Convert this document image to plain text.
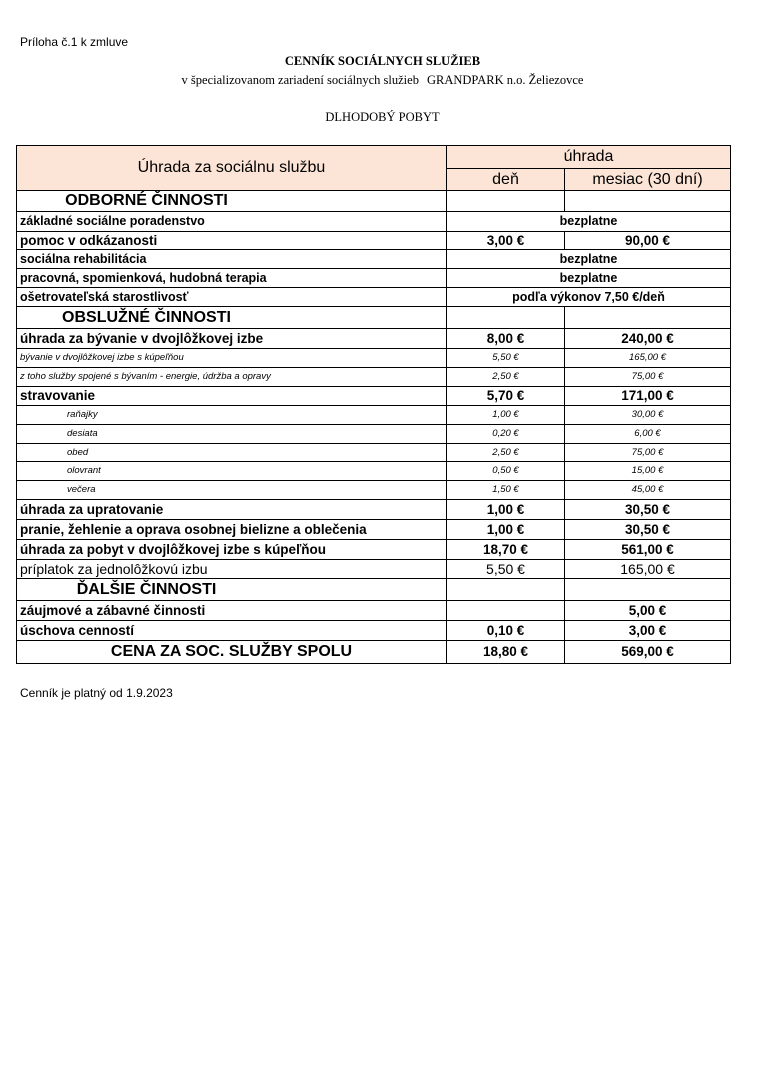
Príloha č.1 k zmluve
CENNÍK SOCIÁLNYCH SLUŽIEB
v špecializovanom zariadení sociálnych služieb GRANDPARK n.o. Želiezovce
DLHODOBÝ POBYT
Úhrada za sociálnu službu	úhrada	
	deň	mesiac (30 dní)
ODBORNÉ ČINNOSTI		
základné sociálne poradenstvo	bezplatne	
pomoc v odkázanosti	3,00 €	90,00 €
sociálna rehabilitácia	bezplatne	
pracovná, spomienková, hudobná terapia	bezplatne	
ošetrovateľská starostlivosť	podľa výkonov 7,50 €/deň	
OBSLUŽNÉ ČINNOSTI		
úhrada za bývanie v dvojlôžkovej izbe	8,00 €	240,00 €
bývanie v dvojlôžkovej izbe s kúpeľňou	5,50 €	165,00 €
z toho služby spojené s bývaním - energie, údržba a opravy	2,50 €	75,00 €
stravovanie	5,70 €	171,00 €
raňajky	1,00 €	30,00 €
desiata	0,20 €	6,00 €
obed	2,50 €	75,00 €
olovrant	0,50 €	15,00 €
večera	1,50 €	45,00 €
úhrada za upratovanie	1,00 €	30,50 €
pranie, žehlenie a oprava osobnej bielizne a oblečenia	1,00 €	30,50 €
úhrada za pobyt v dvojlôžkovej izbe s kúpeľňou	18,70 €	561,00 €
príplatok za jednolôžkovú izbu	5,50 €	165,00 €
ĎALŠIE ČINNOSTI		
záujmové a zábavné činnosti		5,00 €
úschova cenností	0,10 €	3,00 €
CENA ZA SOC. SLUŽBY SPOLU	18,80 €	569,00 €
Cenník je platný od 1.9.2023
